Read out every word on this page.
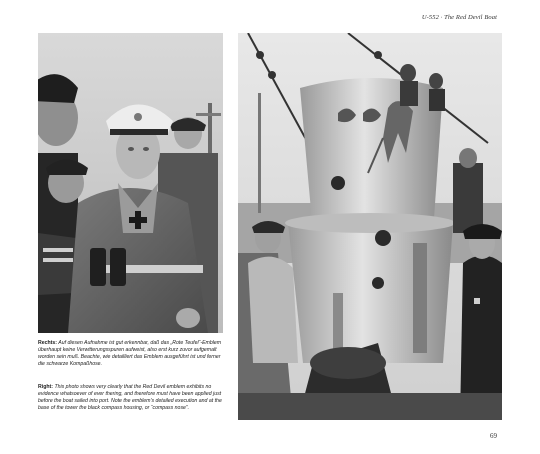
U-552 · The Red Devil Boat
Rechts: Auf diesen Aufnahme ist gut erkennbar, daß das „Rote Teufel“-Emblem überhaupt keine Verwitterungsspuren aufweist, also erst kurz zuvor aufgemalt worden sein muß. Beachte, wie detailliert das Emblem ausgeführt ist und ferner die schwarze Kompaßhose.
Right: This photo shows very clearly that the Red Devil emblem exhibits no evidence whatsoever of ever thering, and therefore must have been applied just before the boat sailed into port. Note the emblem's detailed execution and at the base of the tower the black compass housing, or “compass nose”.
69
